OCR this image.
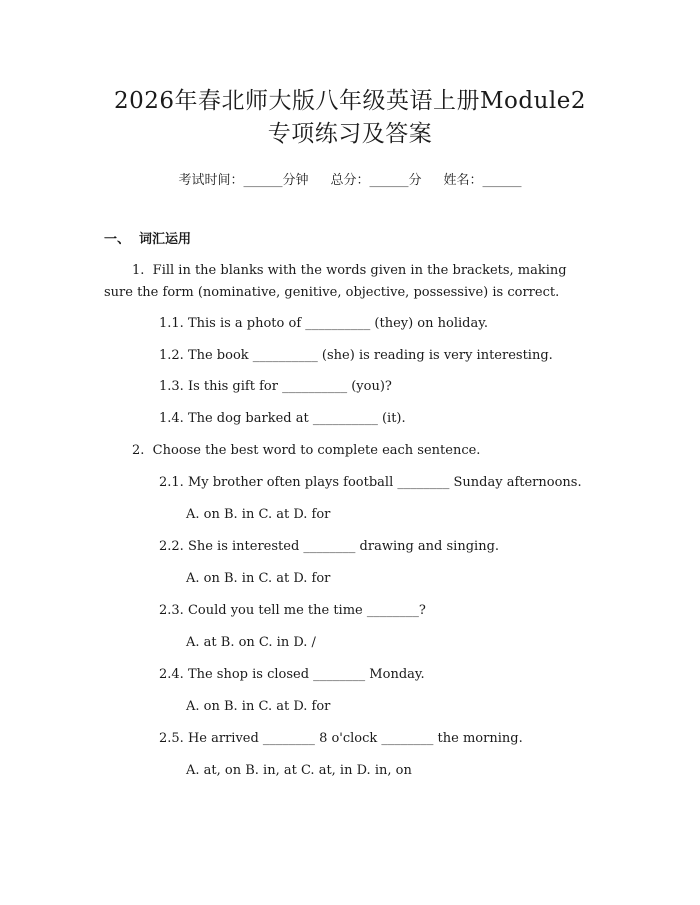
2026年春北师大版八年级英语上册Module2
专项练习及答案
考试时间：______分钟 总分：______分 姓名：______
一、  词汇运用
1.  Fill in the blanks with the words given in the brackets, making
sure the form (nominative, genitive, objective, possessive) is correct.
1.1. This is a photo of __________ (they) on holiday.
1.2. The book __________ (she) is reading is very interesting.
1.3. Is this gift for __________ (you)?
1.4. The dog barked at __________ (it).
2.  Choose the best word to complete each sentence.
2.1. My brother often plays football ________ Sunday afternoons.
A. on B. in C. at D. for
2.2. She is interested ________ drawing and singing.
A. on B. in C. at D. for
2.3. Could you tell me the time ________?
A. at B. on C. in D. /
2.4. The shop is closed ________ Monday.
A. on B. in C. at D. for
2.5. He arrived ________ 8 o'clock ________ the morning.
A. at, on B. in, at C. at, in D. in, on
